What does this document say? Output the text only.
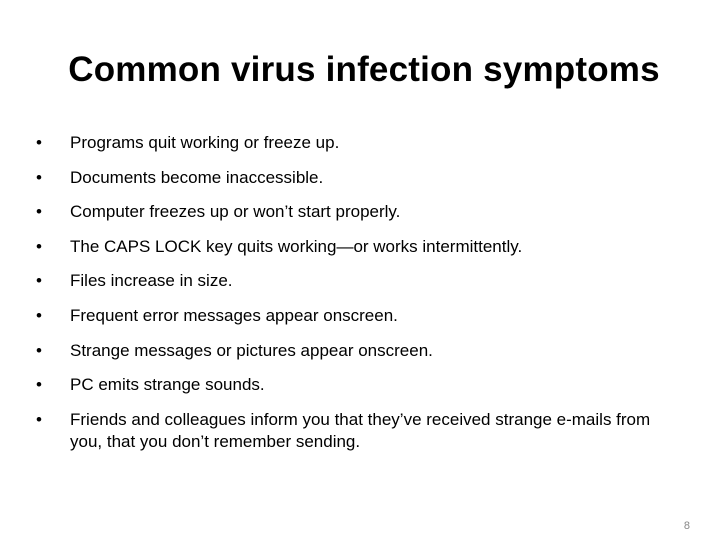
Common virus infection symptoms
•	Programs quit working or freeze up.
•	Documents become inaccessible.
•	Computer freezes up or won’t start properly.
•	The CAPS LOCK key quits working—or works intermittently.
•	Files increase in size.
•	Frequent error messages appear onscreen.
•	Strange messages or pictures appear onscreen.
•	PC emits strange sounds.
•	Friends and colleagues inform you that they’ve received strange e-mails from you, that you don’t remember sending.
8
